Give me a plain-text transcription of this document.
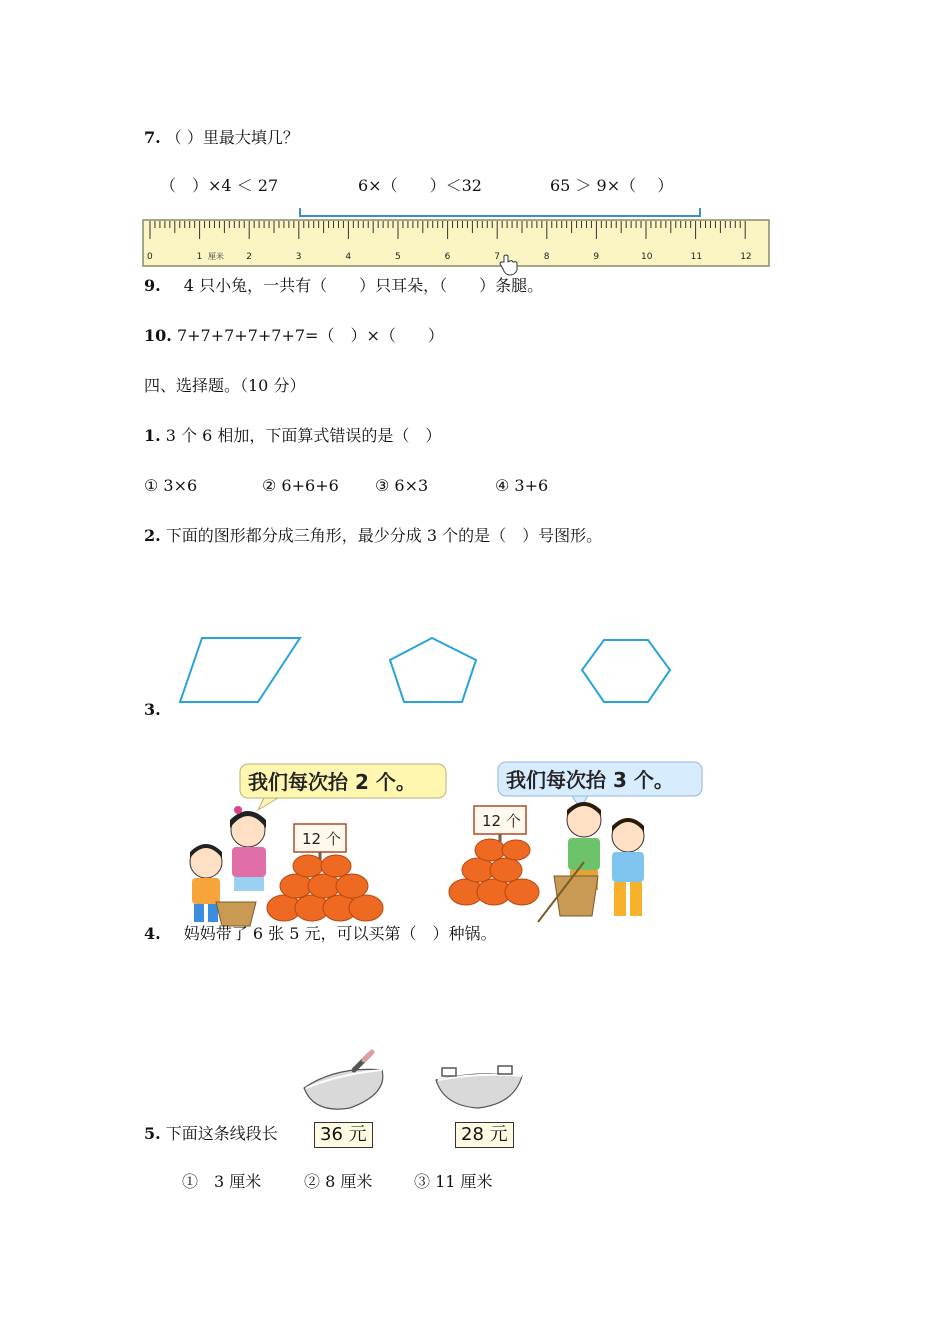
7. （ ）里最大填几？
（　）×4 ＜ 27	6×（　　）＜32	65 ＞ 9×（　 ）
0	1	2	3	4	5	6	7	8	9	10	11	12
厘米
9. 4 只小兔，一共有（　　）只耳朵，（　　）条腿。
10. 7+7+7+7+7+7=（　）×（　　）
四、选择题。（10 分）
1. 3 个 6 相加，下面算式错误的是（　）
① 3×6	② 6+6+6 ③ 6×3	④ 3+6
2. 下面的图形都分成三角形，最少分成 3 个的是（　）号图形。
3.
我们每次抬 2 个。	我们每次抬 3 个。
12 个
12 个
4. 妈妈带了 6 张 5 元，可以买第（　）种锅。
36 元	28 元
5. 下面这条线段长
①　3 厘米	② 8 厘米	③ 11 厘米
